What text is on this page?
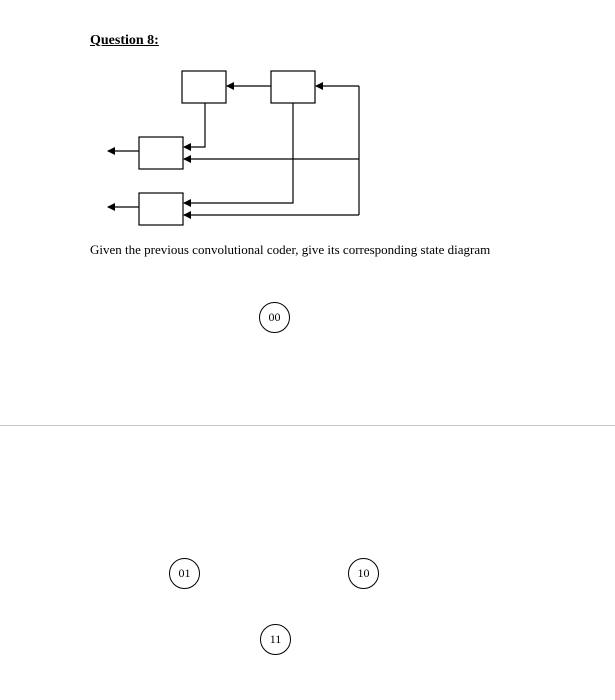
Question 8:

Given the previous convolutional coder, give its corresponding state diagram

00
01	10
11
